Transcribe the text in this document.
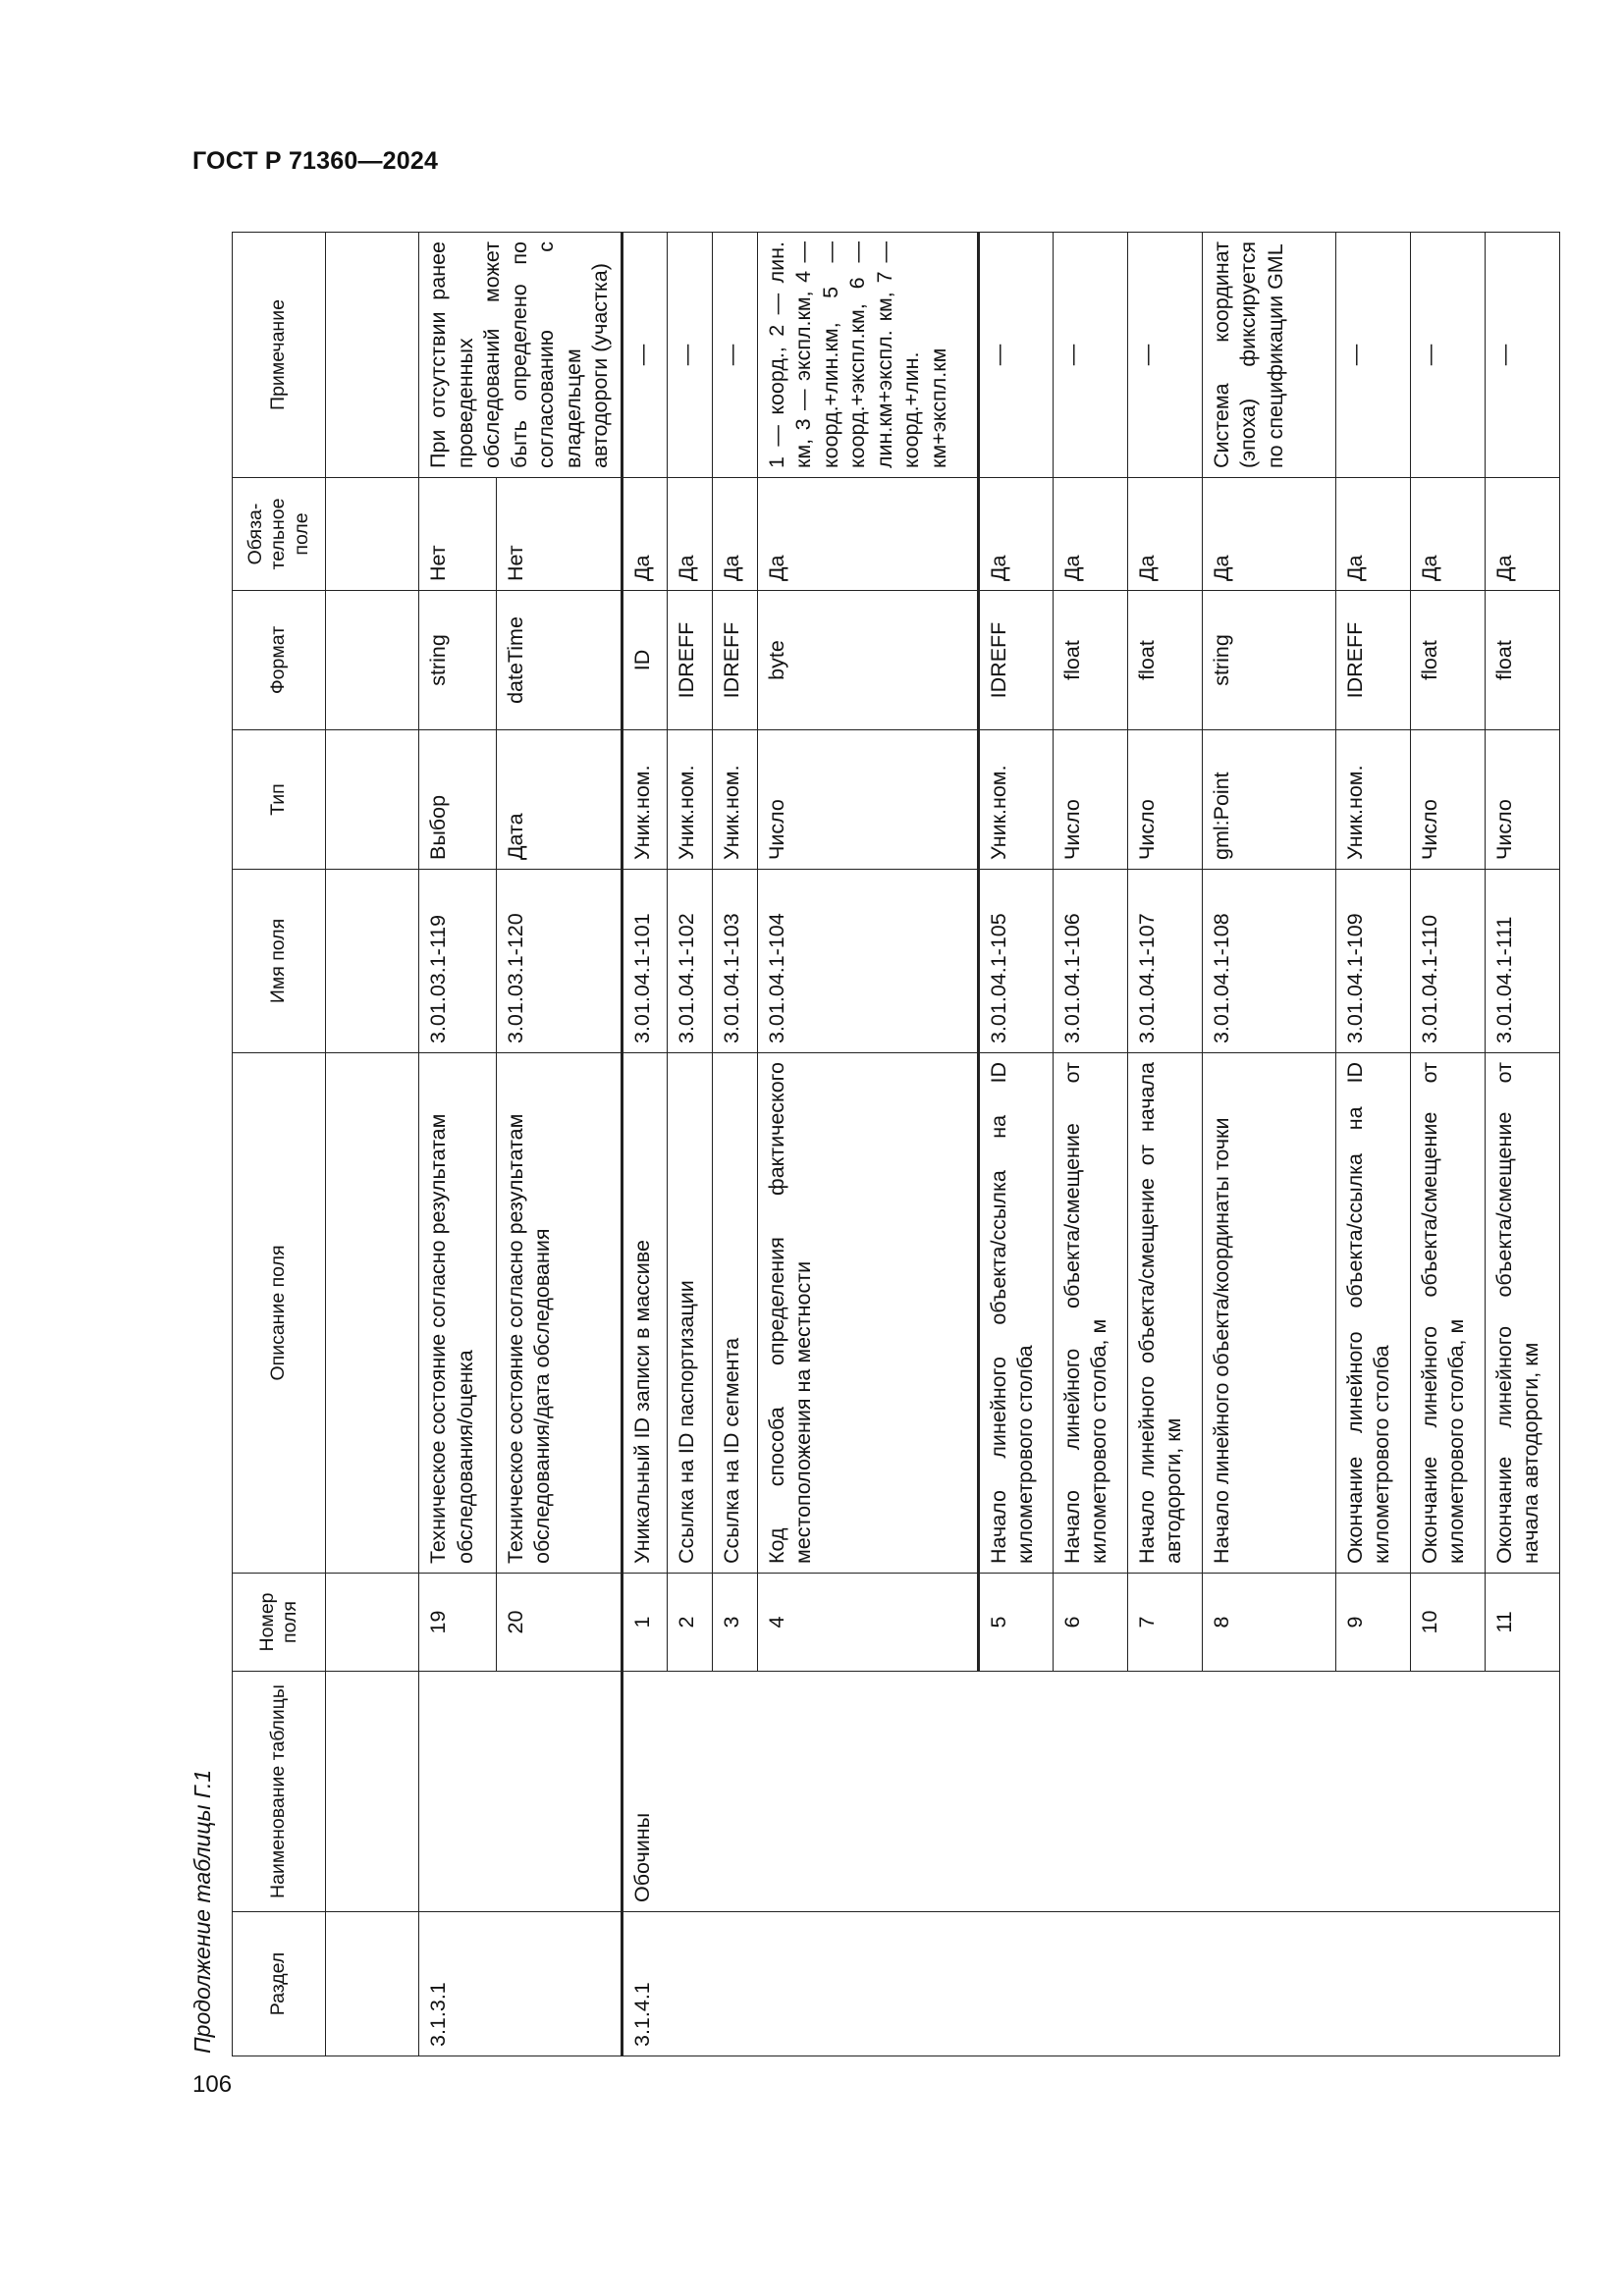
ГОСТ Р 71360—2024
Продолжение таблицы Г.1
106
Раздел	Наименование таблицы	Номер поля	Описание поля	Имя поля	Тип	Формат	Обяза- тельное поле	Примечание

3.1.3.1		19	Техническое состояние согласно результатам обследования/оценка	3.01.03.1-119	Выбор	string	Нет	При отсутствии ранее проведенных обследований может быть определено по согласованию с владельцем автодороги (участка)
		20	Техническое состояние согласно результатам обследования/дата обследования	3.01.03.1-120	Дата	dateTime	Нет	
3.1.4.1	Обочины	1	Уникальный ID записи в массиве	3.01.04.1-101	Уник.ном.	ID	Да	—
		2	Ссылка на ID паспортизации	3.01.04.1-102	Уник.ном.	IDREFF	Да	—
		3	Ссылка на ID сегмента	3.01.04.1-103	Уник.ном.	IDREFF	Да	—
		4	Код способа определения фактического местоположения на местности	3.01.04.1-104	Число	byte	Да	1 — коорд., 2 — лин. км, 3 — экспл.км, 4 — коорд.+лин.км, 5 — коорд.+экспл.км, 6 — лин.км+экспл. км, 7 — коорд.+лин. км+экспл.км
		5	Начало линейного объекта/ссылка на ID километрового столба	3.01.04.1-105	Уник.ном.	IDREFF	Да	—
		6	Начало линейного объекта/смещение от километрового столба, м	3.01.04.1-106	Число	float	Да	—
		7	Начало линейного объекта/смещение от начала автодороги, км	3.01.04.1-107	Число	float	Да	—
		8	Начало линейного объекта/координаты точки	3.01.04.1-108	gml:Point	string	Да	Система координат (эпоха) фиксируется по спецификации GML
		9	Окончание линейного объекта/ссылка на ID километрового столба	3.01.04.1-109	Уник.ном.	IDREFF	Да	—
		10	Окончание линейного объекта/смещение от километрового столба, м	3.01.04.1-110	Число	float	Да	—
		11	Окончание линейного объекта/смещение от начала автодороги, км	3.01.04.1-111	Число	float	Да	—
